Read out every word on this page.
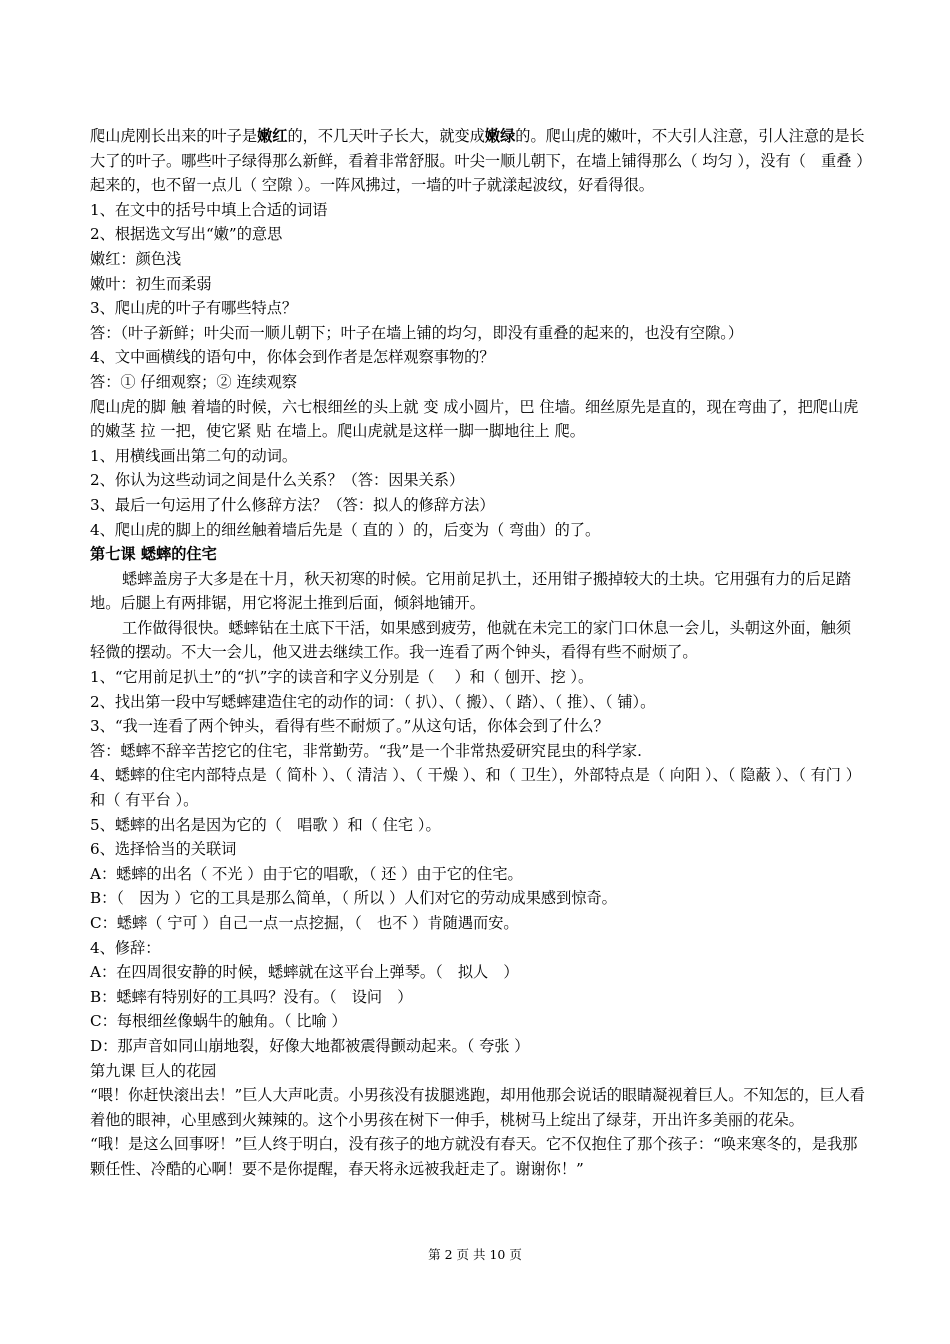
爬山虎刚长出来的叶子是嫩红的，不几天叶子长大，就变成嫩绿的。爬山虎的嫩叶，不大引人注意，引人注意的是长大了的叶子。哪些叶子绿得那么新鲜，看着非常舒服。叶尖一顺儿朝下，在墙上铺得那么（ 均匀 ），没有（　重叠 ）起来的，也不留一点儿（ 空隙 ）。一阵风拂过，一墙的叶子就漾起波纹，好看得很。

1、在文中的括号中填上合适的词语

2、根据选文写出“嫩”的意思

嫩红：颜色浅

嫩叶：初生而柔弱

3、爬山虎的叶子有哪些特点？

答：（叶子新鲜；叶尖而一顺儿朝下；叶子在墙上铺的均匀，即没有重叠的起来的，也没有空隙。）

4、文中画横线的语句中，你体会到作者是怎样观察事物的？

答：① 仔细观察；② 连续观察

爬山虎的脚 触 着墙的时候，六七根细丝的头上就 变 成小圆片，巴 住墙。细丝原先是直的，现在弯曲了，把爬山虎的嫩茎 拉 一把，使它紧 贴 在墙上。爬山虎就是这样一脚一脚地往上 爬。

1、用横线画出第二句的动词。

2、你认为这些动词之间是什么关系？（答：因果关系）

3、最后一句运用了什么修辞方法？（答：拟人的修辞方法）

4、爬山虎的脚上的细丝触着墙后先是（ 直的 ）的，后变为（ 弯曲）的了。

第七课 蟋蟀的住宅

蟋蟀盖房子大多是在十月，秋天初寒的时候。它用前足扒土，还用钳子搬掉较大的土块。它用强有力的后足踏地。后腿上有两排锯，用它将泥土推到后面，倾斜地铺开。

工作做得很快。蟋蟀钻在土底下干活，如果感到疲劳，他就在未完工的家门口休息一会儿，头朝这外面，触须轻微的摆动。不大一会儿，他又进去继续工作。我一连看了两个钟头，看得有些不耐烦了。

1、“它用前足扒土”的“扒”字的读音和字义分别是（　 ）和（ 刨开、挖 ）。

2、找出第一段中写蟋蟀建造住宅的动作的词：（ 扒）、（ 搬）、（ 踏）、（ 推）、（ 铺）。

3、“我一连看了两个钟头，看得有些不耐烦了。”从这句话，你体会到了什么？

答：蟋蟀不辞辛苦挖它的住宅，非常勤劳。“我”是一个非常热爱研究昆虫的科学家.

4、蟋蟀的住宅内部特点是（ 简朴 ）、（ 清洁 ）、（ 干燥 ）、和（ 卫生），外部特点是（ 向阳 ）、（ 隐蔽 ）、（ 有门 ）和（ 有平台 ）。

5、蟋蟀的出名是因为它的（　唱歌 ）和（ 住宅 ）。

6、选择恰当的关联词

A：蟋蟀的出名（ 不光 ）由于它的唱歌，（ 还 ）由于它的住宅。

B：（　因为 ）它的工具是那么简单，（ 所以 ）人们对它的劳动成果感到惊奇。

C：蟋蟀（ 宁可 ）自己一点一点挖掘，（　也不 ）肯随遇而安。

4、修辞：

A：在四周很安静的时候，蟋蟀就在这平台上弹琴。（　拟人　）

B：蟋蟀有特别好的工具吗？没有。（　设问　）

C：每根细丝像蜗牛的触角。（ 比喻 ）

D：那声音如同山崩地裂，好像大地都被震得颤动起来。（ 夸张 ）

第九课 巨人的花园

“喂！你赶快滚出去！”巨人大声叱责。小男孩没有拔腿逃跑，却用他那会说话的眼睛凝视着巨人。不知怎的，巨人看着他的眼神，心里感到火辣辣的。这个小男孩在树下一伸手，桃树马上绽出了绿芽，开出许多美丽的花朵。

“哦！是这么回事呀！”巨人终于明白，没有孩子的地方就没有春天。它不仅抱住了那个孩子：“唤来寒冬的，是我那颗任性、冷酷的心啊！要不是你提醒，春天将永远被我赶走了。谢谢你！”

第 2 页 共 10 页
